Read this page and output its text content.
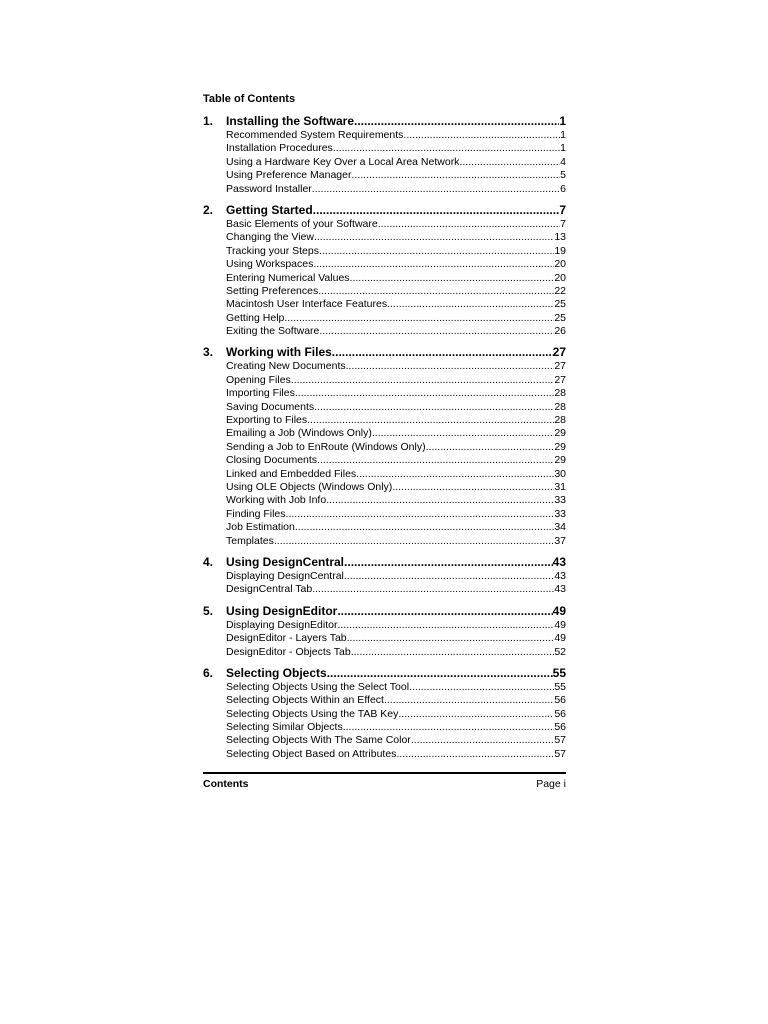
Table of Contents
1.	Installing the Software .....	1
Recommended System Requirements .....	1
Installation Procedures .....	1
Using a Hardware Key Over a Local Area Network .....	4
Using Preference Manager .....	5
Password Installer .....	6
2.	Getting Started .....	7
Basic Elements of your Software .....	7
Changing the View .....	13
Tracking your Steps .....	19
Using Workspaces .....	20
Entering Numerical Values .....	20
Setting Preferences .....	22
Macintosh User Interface Features .....	25
Getting Help .....	25
Exiting the Software .....	26
3.	Working with Files .....	27
Creating New Documents .....	27
Opening Files .....	27
Importing Files .....	28
Saving Documents .....	28
Exporting to Files .....	28
Emailing a Job (Windows Only) .....	29
Sending a Job to EnRoute (Windows Only) .....	29
Closing Documents .....	29
Linked and Embedded Files .....	30
Using OLE Objects (Windows Only) .....	31
Working with Job Info .....	33
Finding Files .....	33
Job Estimation .....	34
Templates .....	37
4.	Using DesignCentral .....	43
Displaying DesignCentral .....	43
DesignCentral Tab .....	43
5.	Using DesignEditor .....	49
Displaying DesignEditor .....	49
DesignEditor - Layers Tab .....	49
DesignEditor - Objects Tab .....	52
6.	Selecting Objects .....	55
Selecting Objects Using the Select Tool .....	55
Selecting Objects Within an Effect .....	56
Selecting Objects Using the TAB Key .....	56
Selecting Similar Objects .....	56
Selecting Objects With The Same Color .....	57
Selecting Object Based on Attributes .....	57
Contents	Page i
